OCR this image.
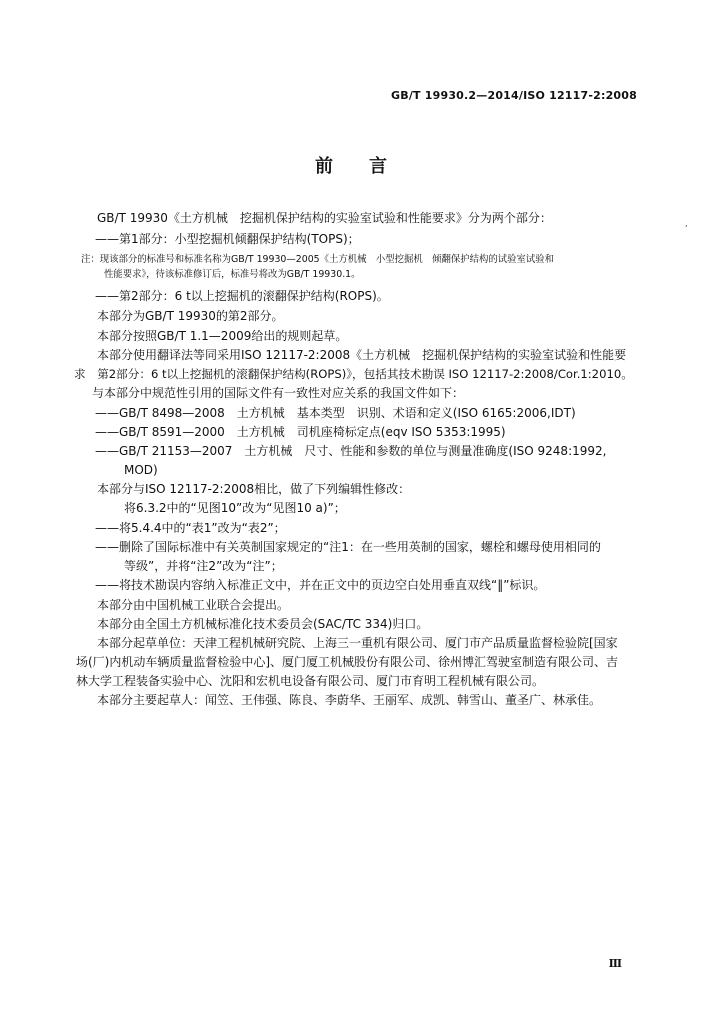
GB/T 19930.2—2014/ISO 12117-2:2008
前言
GB/T 19930《土方机械　挖掘机保护结构的实验室试验和性能要求》分为两个部分：
——第1部分：小型挖掘机倾翻保护结构(TOPS)；
注：现该部分的标准号和标准名称为GB/T 19930—2005《土方机械　小型挖掘机　倾翻保护结构的试验室试验和
性能要求》，待该标准修订后，标准号将改为GB/T 19930.1。
——第2部分：6 t以上挖掘机的滚翻保护结构(ROPS)。
本部分为GB/T 19930的第2部分。
本部分按照GB/T 1.1—2009给出的规则起草。
本部分使用翻译法等同采用ISO 12117-2:2008《土方机械　挖掘机保护结构的实验室试验和性能要
求　第2部分：6 t以上挖掘机的滚翻保护结构(ROPS)》，包括其技术勘误 ISO 12117-2:2008/Cor.1:2010。
与本部分中规范性引用的国际文件有一致性对应关系的我国文件如下：
——GB/T 8498—2008　土方机械　基本类型　识别、术语和定义(ISO 6165:2006,IDT)
——GB/T 8591—2000　土方机械　司机座椅标定点(eqv ISO 5353:1995)
——GB/T 21153—2007　土方机械　尺寸、性能和参数的单位与测量准确度(ISO 9248:1992,
MOD)
本部分与ISO 12117-2:2008相比，做了下列编辑性修改：
将6.3.2中的“见图10”改为“见图10 a)”；
——将5.4.4中的“表1”改为“表2”；
——删除了国际标准中有关英制国家规定的“注1：在一些用英制的国家，螺栓和螺母使用相同的
等级”，并将“注2”改为“注”；
——将技术勘误内容纳入标准正文中，并在正文中的页边空白处用垂直双线“‖”标识。
本部分由中国机械工业联合会提出。
本部分由全国土方机械标准化技术委员会(SAC/TC 334)归口。
本部分起草单位：天津工程机械研究院、上海三一重机有限公司、厦门市产品质量监督检验院[国家
场(厂)内机动车辆质量监督检验中心]、厦门厦工机械股份有限公司、徐州博汇驾驶室制造有限公司、吉
林大学工程装备实验中心、沈阳和宏机电设备有限公司、厦门市育明工程机械有限公司。
本部分主要起草人：闻笠、王伟强、陈良、李蔚华、王丽军、成凯、韩雪山、董圣广、林承佳。
,
Ⅲ
